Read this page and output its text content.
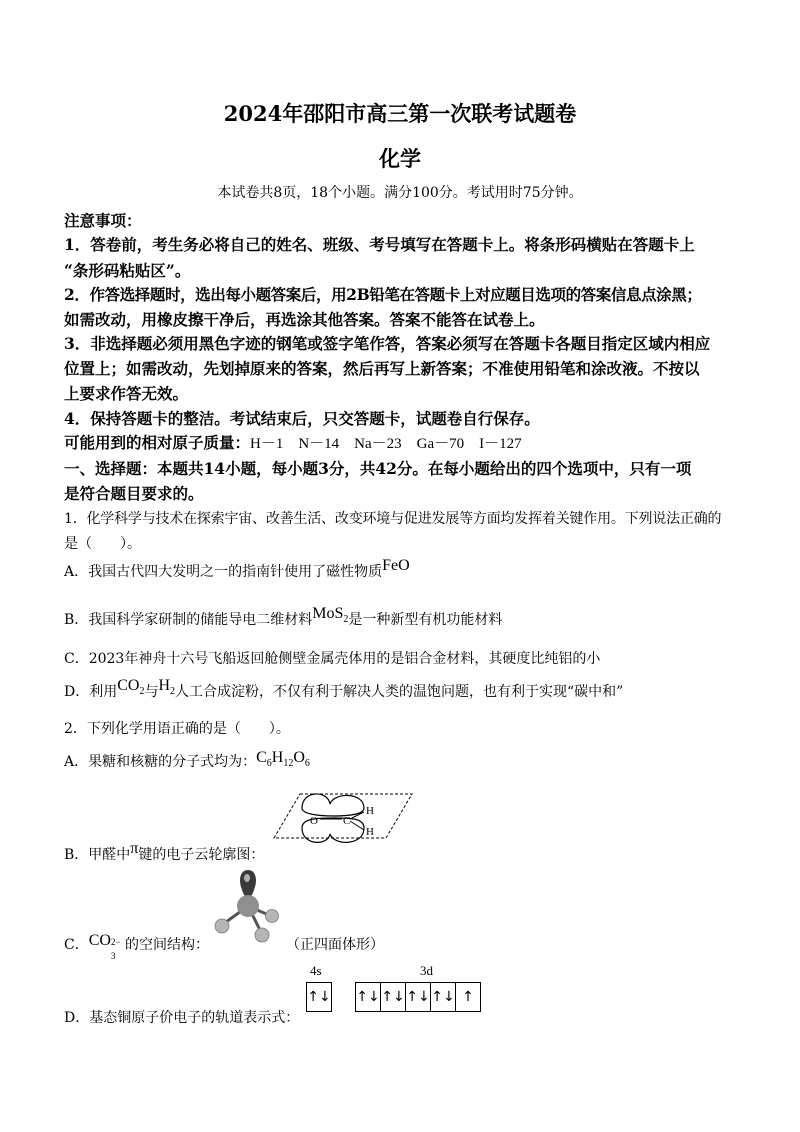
2024年邵阳市高三第一次联考试题卷
化学
本试卷共8页，18个小题。满分100分。考试用时75分钟。
注意事项：
1．答卷前，考生务必将自己的姓名、班级、考号填写在答题卡上。将条形码横贴在答题卡上
“条形码粘贴区”。
2．作答选择题时，选出每小题答案后，用2B铅笔在答题卡上对应题目选项的答案信息点涂黑；
如需改动，用橡皮擦干净后，再选涂其他答案。答案不能答在试卷上。
3．非选择题必须用黑色字迹的钢笔或签字笔作答，答案必须写在答题卡各题目指定区域内相应
位置上；如需改动，先划掉原来的答案，然后再写上新答案；不准使用铅笔和涂改液。不按以
上要求作答无效。
4．保持答题卡的整洁。考试结束后，只交答题卡，试题卷自行保存。
可能用到的相对原子质量：H－1　N－14　Na－23　Ga－70　I－127
一、选择题：本题共14小题，每小题3分，共42分。在每小题给出的四个选项中，只有一项
是符合题目要求的。
1．化学科学与技术在探索宇宙、改善生活、改变环境与促进发展等方面均发挥着关键作用。下列说法正确的
是（　　）。
A．我国古代四大发明之一的指南针使用了磁性物质FeO
B．我国科学家研制的储能导电二维材料MoS$_2$是一种新型有机功能材料
C．2023年神舟十六号飞船返回舱侧壁金属壳体用的是铝合金材料，其硬度比纯铝的小
D．利用$CO_2$与$H_2$人工合成淀粉，不仅有利于解决人类的温饱问题，也有利于实现“碳中和”
2．下列化学用语正确的是（　　）。
A．果糖和核糖的分子式均为：$C_6H_{12}O_6$
O C
H
H
B．甲醛中π键的电子云轮廓图：
C．CO 2−
3
的空间结构：	（正四面体形）
4s	3d
↑↓ ↑↓ ↑↓ ↑↓ ↑↓ ↑
D．基态铜原子价电子的轨道表示式：
